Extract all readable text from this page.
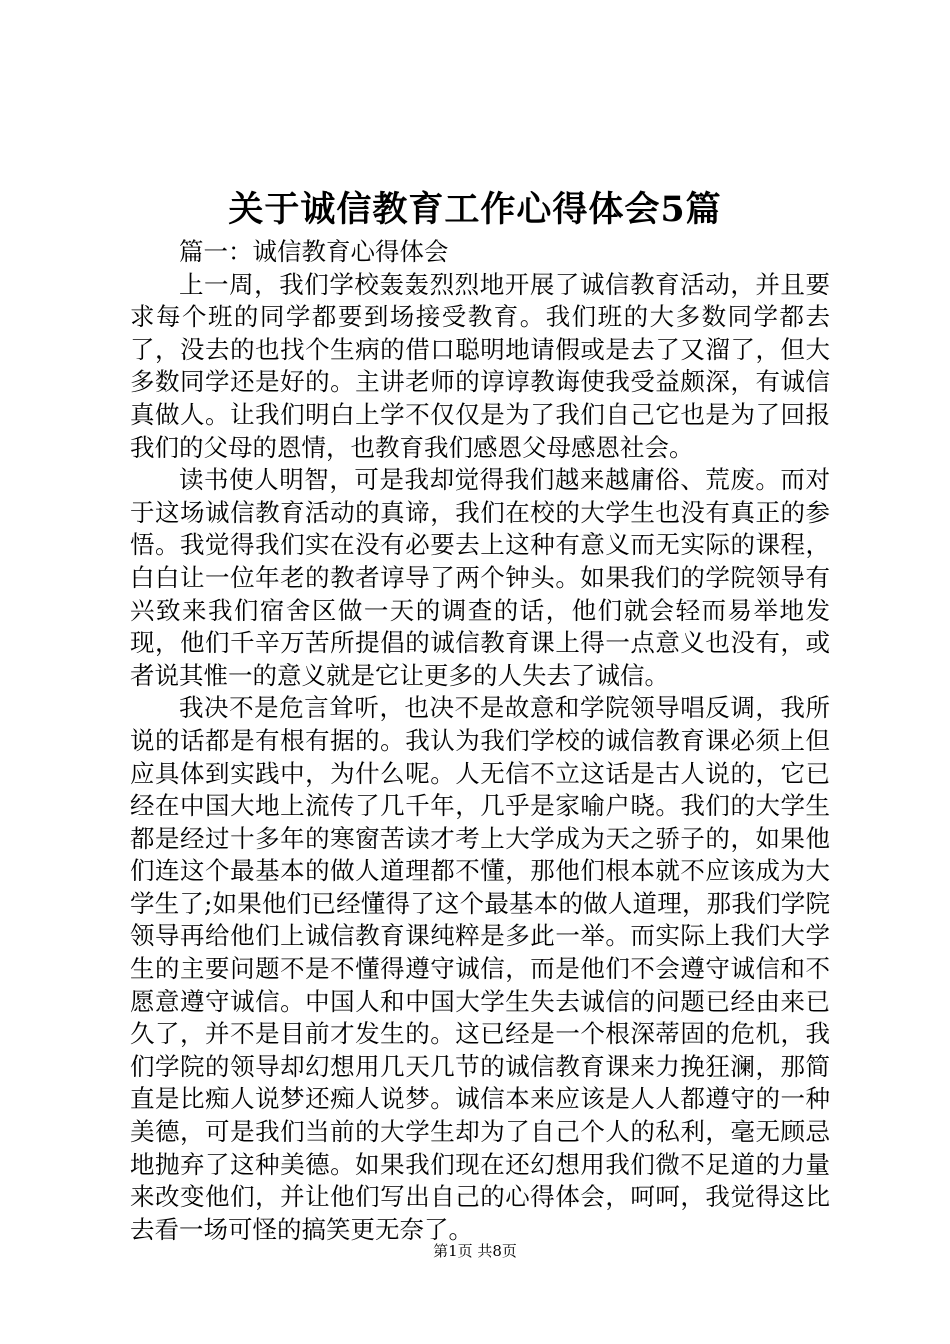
关于诚信教育工作心得体会5篇

篇一：诚信教育心得体会

上一周，我们学校轰轰烈烈地开展了诚信教育活动，并且要求每个班的同学都要到场接受教育。我们班的大多数同学都去了，没去的也找个生病的借口聪明地请假或是去了又溜了，但大多数同学还是好的。主讲老师的谆谆教诲使我受益颇深，有诚信真做人。让我们明白上学不仅仅是为了我们自己它也是为了回报我们的父母的恩情，也教育我们感恩父母感恩社会。

读书使人明智，可是我却觉得我们越来越庸俗、荒废。而对于这场诚信教育活动的真谛，我们在校的大学生也没有真正的参悟。我觉得我们实在没有必要去上这种有意义而无实际的课程，白白让一位年老的教者谆导了两个钟头。如果我们的学院领导有兴致来我们宿舍区做一天的调查的话，他们就会轻而易举地发现，他们千辛万苦所提倡的诚信教育课上得一点意义也没有，或者说其惟一的意义就是它让更多的人失去了诚信。

我决不是危言耸听，也决不是故意和学院领导唱反调，我所说的话都是有根有据的。我认为我们学校的诚信教育课必须上但应具体到实践中，为什么呢。人无信不立这话是古人说的，它已经在中国大地上流传了几千年，几乎是家喻户晓。我们的大学生都是经过十多年的寒窗苦读才考上大学成为天之骄子的，如果他们连这个最基本的做人道理都不懂，那他们根本就不应该成为大学生了;如果他们已经懂得了这个最基本的做人道理，那我们学院领导再给他们上诚信教育课纯粹是多此一举。而实际上我们大学生的主要问题不是不懂得遵守诚信，而是他们不会遵守诚信和不愿意遵守诚信。中国人和中国大学生失去诚信的问题已经由来已久了，并不是目前才发生的。这已经是一个根深蒂固的危机，我们学院的领导却幻想用几天几节的诚信教育课来力挽狂澜，那简直是比痴人说梦还痴人说梦。诚信本来应该是人人都遵守的一种美德，可是我们当前的大学生却为了自己个人的私利，毫无顾忌地抛弃了这种美德。如果我们现在还幻想用我们微不足道的力量来改变他们，并让他们写出自己的心得体会，呵呵，我觉得这比去看一场可怪的搞笑更无奈了。

第1页 共8页
